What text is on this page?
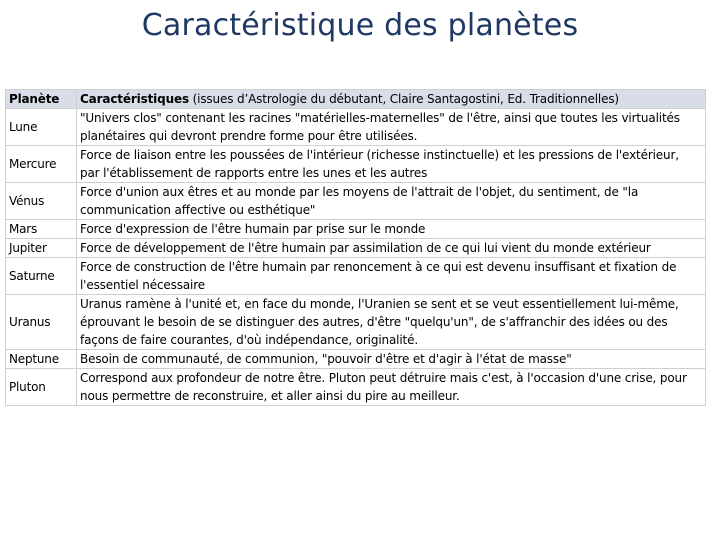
Caractéristique des planètes
Planète	Caractéristiques (issues d’Astrologie du débutant, Claire Santagostini, Ed. Traditionnelles)
Lune	"Univers clos" contenant les racines "matérielles-maternelles" de l'être, ainsi que toutes les virtualités planétaires qui devront prendre forme pour être utilisées.
Mercure	Force de liaison entre les poussées de l'intérieur (richesse instinctuelle) et les pressions de l'extérieur, par l'établissement de rapports entre les unes et les autres
Vénus	Force d'union aux êtres et au monde par les moyens de l'attrait de l'objet, du sentiment, de "la communication affective ou esthétique"
Mars	Force d'expression de l'être humain par prise sur le monde
Jupiter	Force de développement de l'être humain par assimilation de ce qui lui vient du monde extérieur
Saturne	Force de construction de l'être humain par renoncement à ce qui est devenu insuffisant et fixation de l'essentiel nécessaire
Uranus	Uranus ramène à l'unité et, en face du monde, l'Uranien se sent et se veut essentiellement lui-même, éprouvant le besoin de se distinguer des autres, d'être "quelqu'un", de s'affranchir des idées ou des façons de faire courantes, d'où indépendance, originalité.
Neptune	Besoin de communauté, de communion, "pouvoir d'être et d'agir à l'état de masse"
Pluton	Correspond aux profondeur de notre être. Pluton peut détruire mais c'est, à l'occasion d'une crise, pour nous permettre de reconstruire, et aller ainsi du pire au meilleur.
